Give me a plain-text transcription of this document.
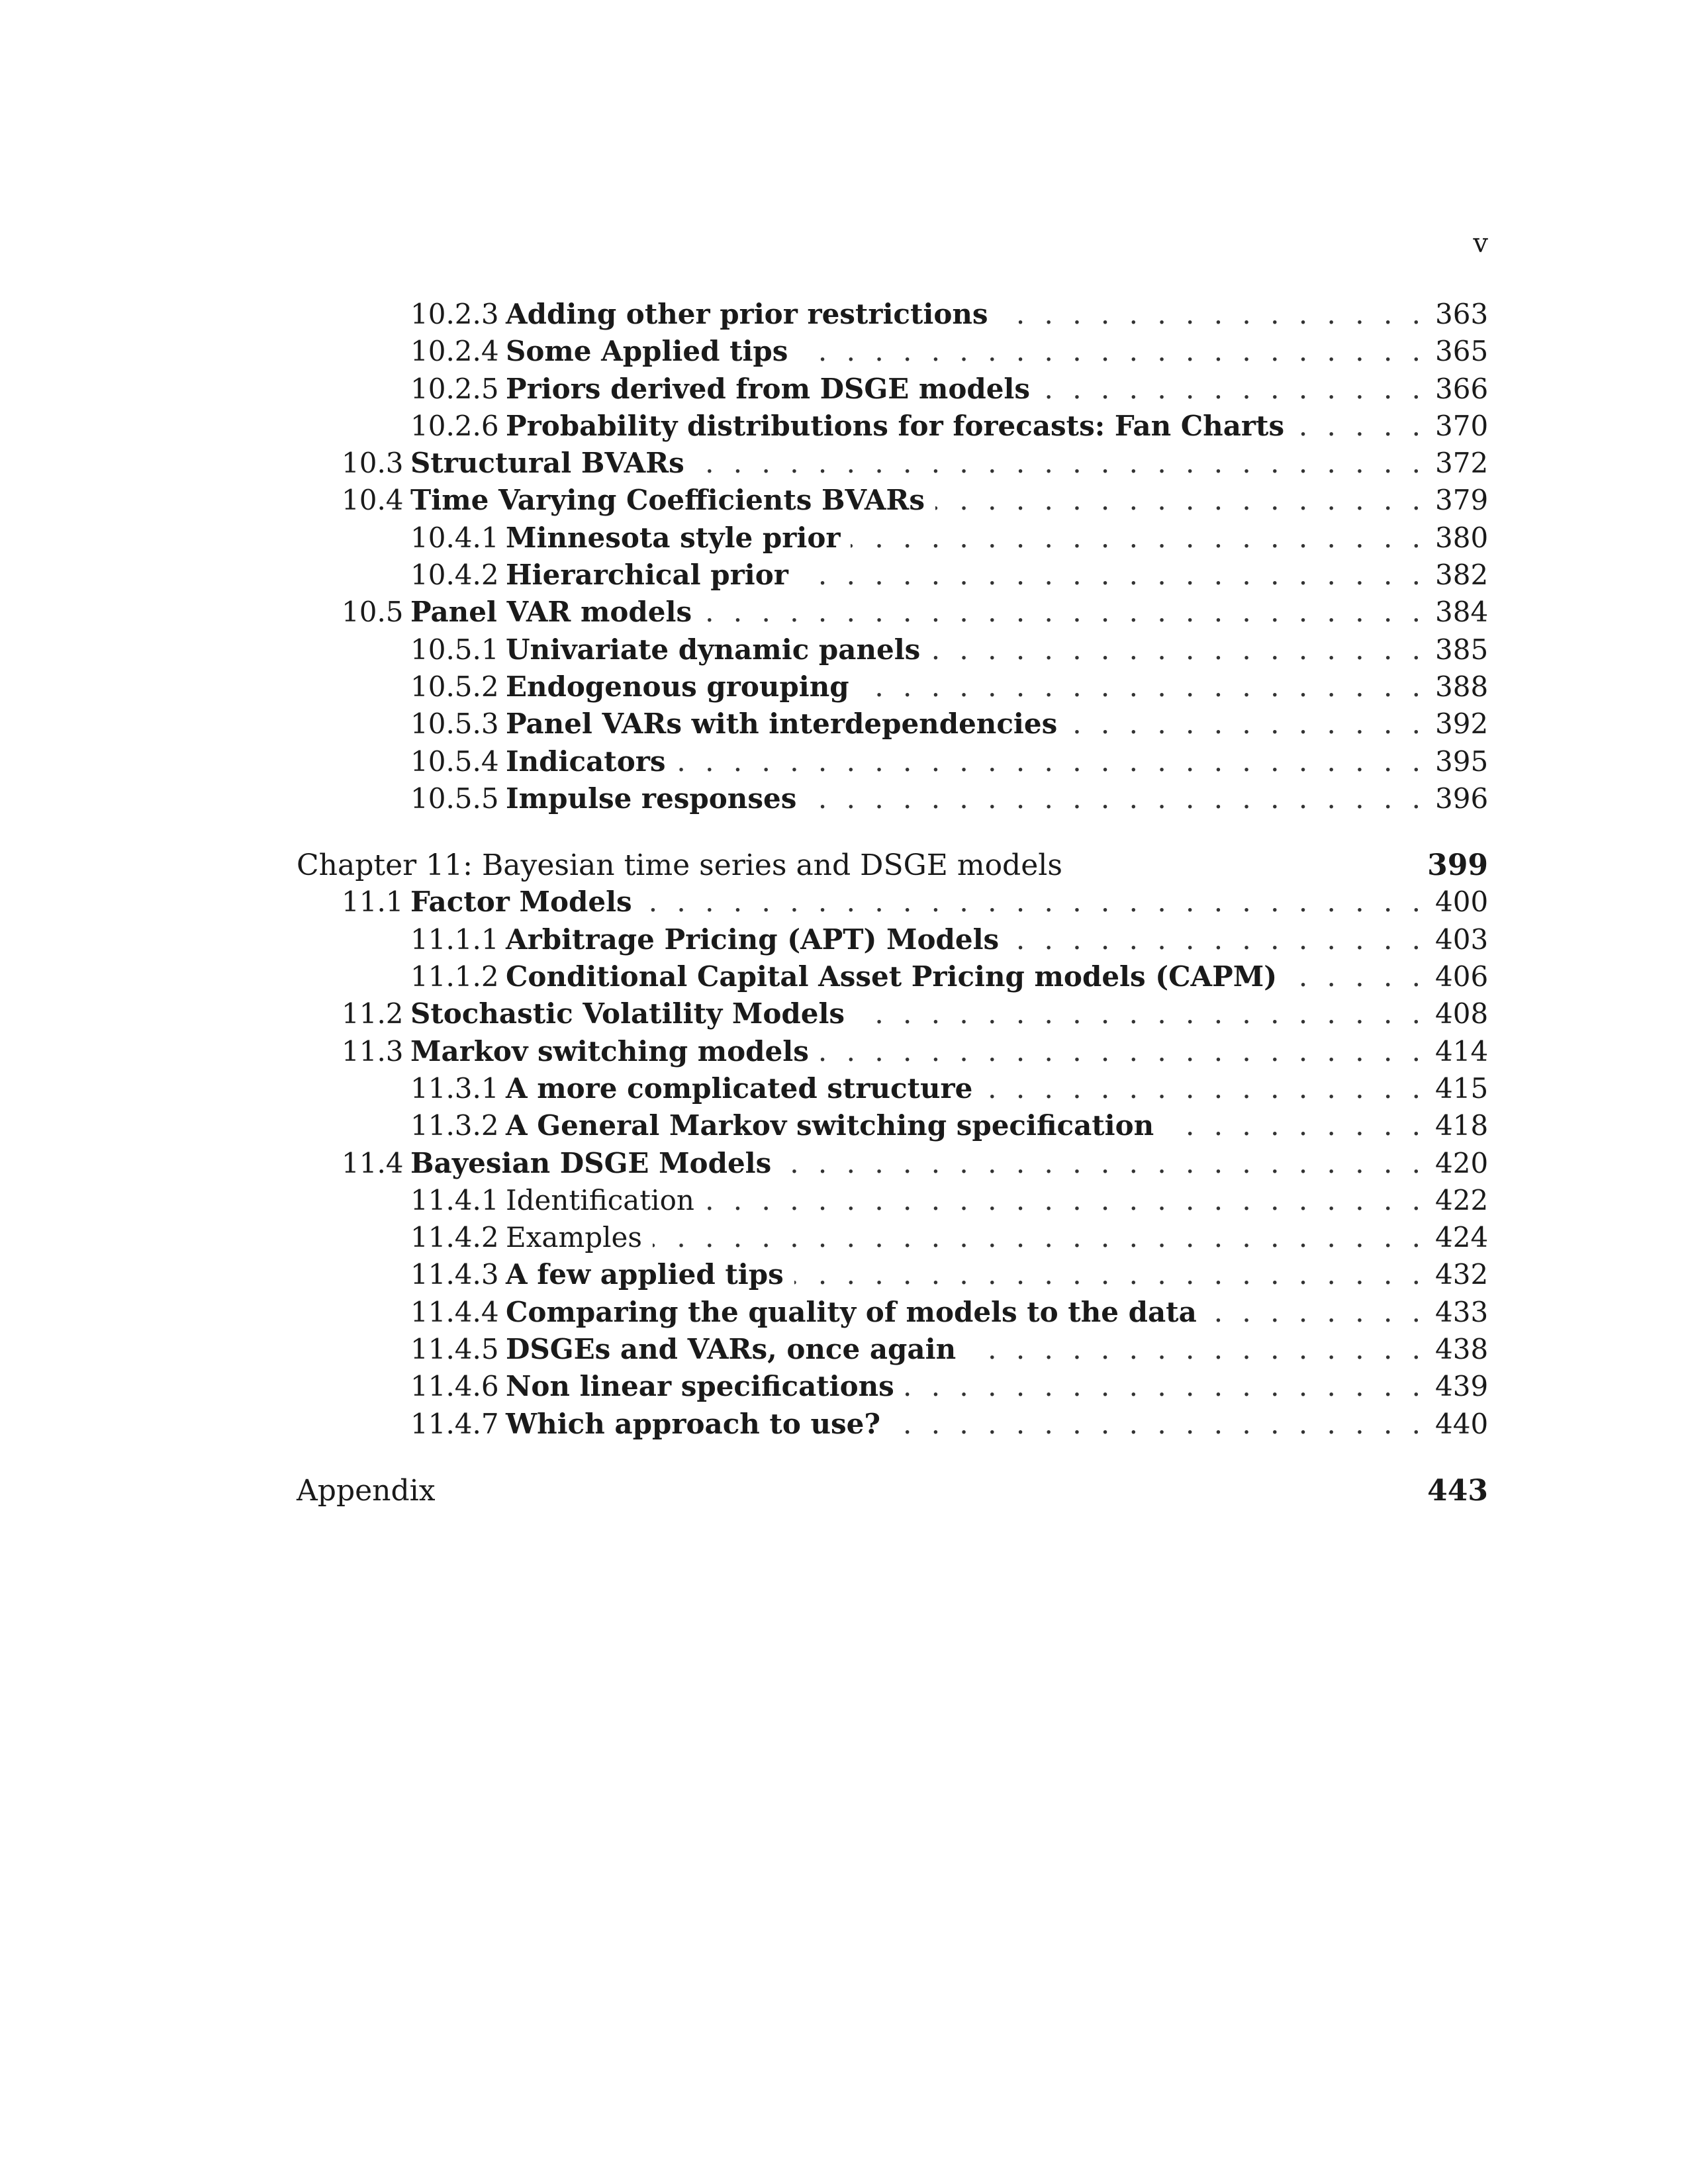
v
10.2.3 Adding other prior restrictions . . .	363
10.2.4 Some Applied tips . . .	365
10.2.5 Priors derived from DSGE models . . .	366
10.2.6 Probability distributions for forecasts: Fan Charts . . .	370
10.3 Structural BVARs . . .	372
10.4 Time Varying Coefficients BVARs . . .	379
10.4.1 Minnesota style prior . . .	380
10.4.2 Hierarchical prior . . .	382
10.5 Panel VAR models . . .	384
10.5.1 Univariate dynamic panels . . .	385
10.5.2 Endogenous grouping . . .	388
10.5.3 Panel VARs with interdependencies . . .	392
10.5.4 Indicators . . .	395
10.5.5 Impulse responses . . .	396
Chapter 11: Bayesian time series and DSGE models	399
11.1 Factor Models . . .	400
11.1.1 Arbitrage Pricing (APT) Models . . .	403
11.1.2 Conditional Capital Asset Pricing models (CAPM) . . .	406
11.2 Stochastic Volatility Models . . .	408
11.3 Markov switching models . . .	414
11.3.1 A more complicated structure . . .	415
11.3.2 A General Markov switching specification . . .	418
11.4 Bayesian DSGE Models . . .	420
11.4.1 Identification . . .	422
11.4.2 Examples . . .	424
11.4.3 A few applied tips . . .	432
11.4.4 Comparing the quality of models to the data . . .	433
11.4.5 DSGEs and VARs, once again . . .	438
11.4.6 Non linear specifications . . .	439
11.4.7 Which approach to use? . . .	440
Appendix	443
